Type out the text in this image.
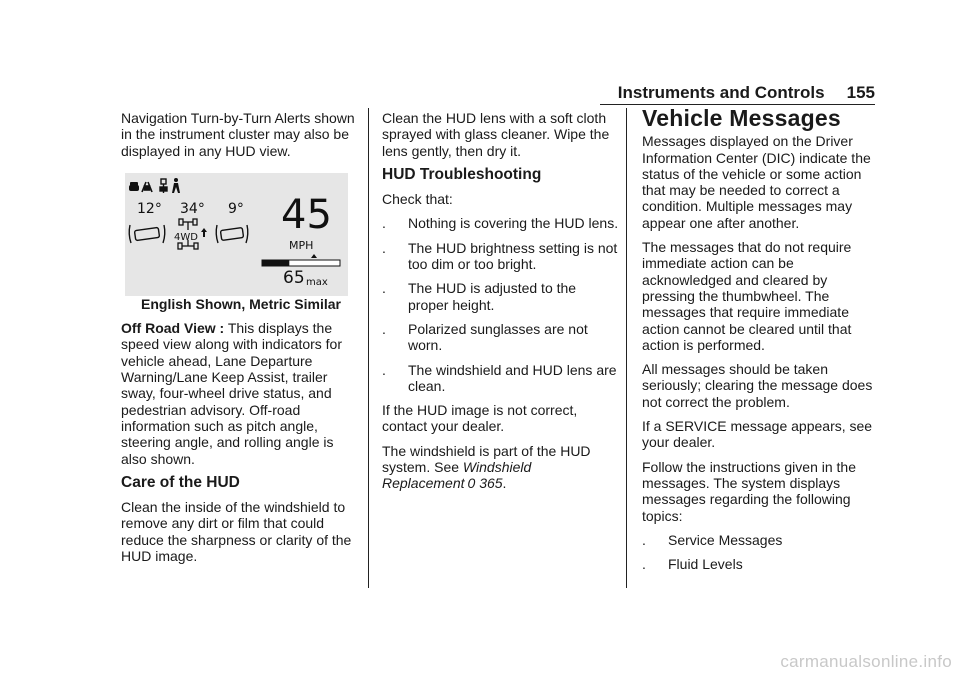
Instruments and Controls 155

Navigation Turn-by-Turn Alerts shown in the instrument cluster may also be displayed in any HUD view.

12° 34° 9°
4WD 45
MPH
65 max

English Shown, Metric Similar

Off Road View : This displays the speed view along with indicators for vehicle ahead, Lane Departure Warning/Lane Keep Assist, trailer sway, four-wheel drive status, and pedestrian advisory. Off-road information such as pitch angle, steering angle, and rolling angle is also shown.

Care of the HUD

Clean the inside of the windshield to remove any dirt or film that could reduce the sharpness or clarity of the HUD image.

Clean the HUD lens with a soft cloth sprayed with glass cleaner. Wipe the lens gently, then dry it.

HUD Troubleshooting

Check that:

.	Nothing is covering the HUD lens.
.	The HUD brightness setting is not too dim or too bright.
.	The HUD is adjusted to the proper height.
.	Polarized sunglasses are not worn.
.	The windshield and HUD lens are clean.

If the HUD image is not correct, contact your dealer.

The windshield is part of the HUD system. See Windshield Replacement 0 365.

Vehicle Messages

Messages displayed on the Driver Information Center (DIC) indicate the status of the vehicle or some action that may be needed to correct a condition. Multiple messages may appear one after another.

The messages that do not require immediate action can be acknowledged and cleared by pressing the thumbwheel. The messages that require immediate action cannot be cleared until that action is performed.

All messages should be taken seriously; clearing the message does not correct the problem.

If a SERVICE message appears, see your dealer.

Follow the instructions given in the messages. The system displays messages regarding the following topics:

.	Service Messages
.	Fluid Levels
carmanualsonline.info
